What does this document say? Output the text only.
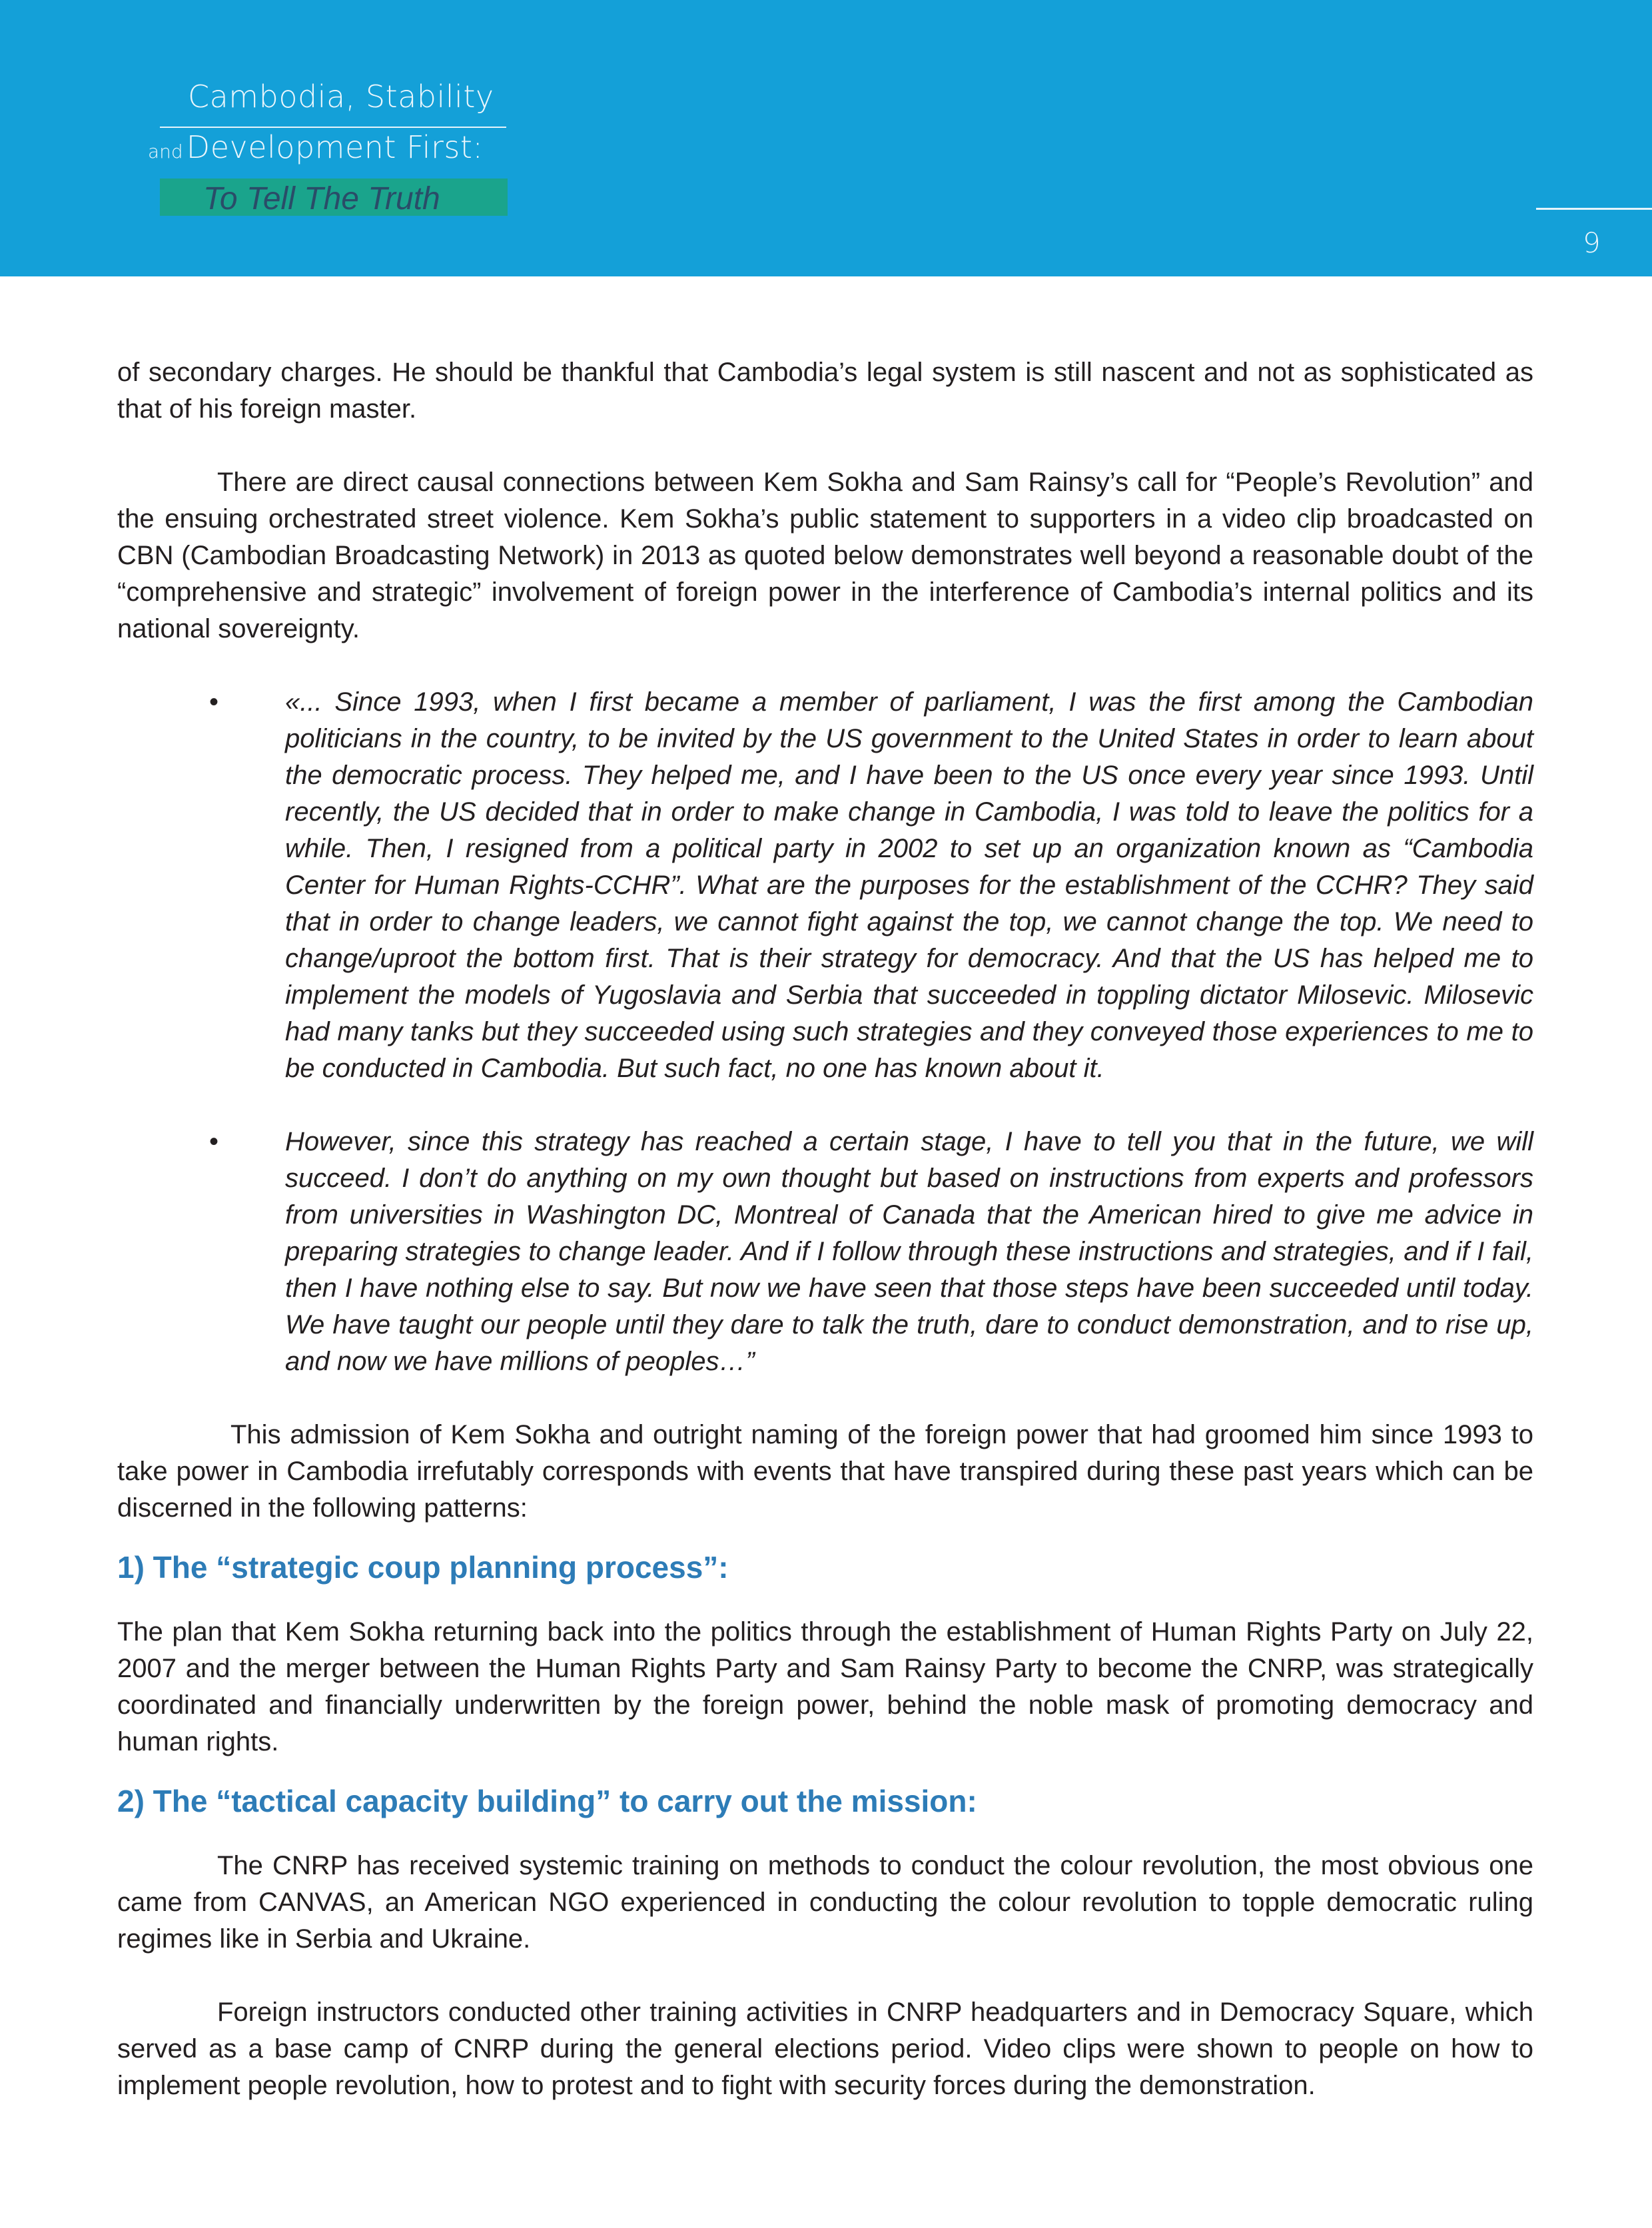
Cambodia, Stability
and Development First:
To Tell The Truth
9

of secondary charges. He should be thankful that Cambodia’s legal system is still nascent and not as sophisticated as that of his foreign master.

There are direct causal connections between Kem Sokha and Sam Rainsy’s call for “People’s Revolution” and the ensuing orchestrated street violence. Kem Sokha’s public statement to supporters in a video clip broadcasted on CBN (Cambodian Broadcasting Network) in 2013 as quoted below demonstrates well beyond a reasonable doubt of the “comprehensive and strategic” involvement of foreign power in the interference of Cambodia’s internal politics and its national sovereignty.

• «... Since 1993, when I first became a member of parliament, I was the first among the Cambodian politicians in the country, to be invited by the US government to the United States in order to learn about the democratic process. They helped me, and I have been to the US once every year since 1993. Until recently, the US decided that in order to make change in Cambodia, I was told to leave the politics for a while. Then, I resigned from a political party in 2002 to set up an organization known as “Cambodia Center for Human Rights-CCHR”. What are the purposes for the establishment of the CCHR? They said that in order to change leaders, we cannot fight against the top, we cannot change the top. We need to change/uproot the bottom first. That is their strategy for democracy. And that the US has helped me to implement the models of Yugoslavia and Serbia that succeeded in toppling dictator Milosevic. Milosevic had many tanks but they succeeded using such strategies and they conveyed those experiences to me to be conducted in Cambodia. But such fact, no one has known about it.
• However, since this strategy has reached a certain stage, I have to tell you that in the future, we will succeed. I don’t do anything on my own thought but based on instructions from experts and professors from universities in Washington DC, Montreal of Canada that the American hired to give me advice in preparing strategies to change leader. And if I follow through these instructions and strategies, and if I fail, then I have nothing else to say. But now we have seen that those steps have been succeeded until today. We have taught our people until they dare to talk the truth, dare to conduct demonstration, and to rise up, and now we have millions of peoples…”

This admission of Kem Sokha and outright naming of the foreign power that had groomed him since 1993 to take power in Cambodia irrefutably corresponds with events that have transpired during these past years which can be discerned in the following patterns:

1) The “strategic coup planning process”:

The plan that Kem Sokha returning back into the politics through the establishment of Human Rights Party on July 22, 2007 and the merger between the Human Rights Party and Sam Rainsy Party to become the CNRP, was strategically coordinated and financially underwritten by the foreign power, behind the noble mask of promoting democracy and human rights.

2) The “tactical capacity building” to carry out the mission:

The CNRP has received systemic training on methods to conduct the colour revolution, the most obvious one came from CANVAS, an American NGO experienced in conducting the colour revolution to topple democratic ruling regimes like in Serbia and Ukraine.

Foreign instructors conducted other training activities in CNRP headquarters and in Democracy Square, which served as a base camp of CNRP during the general elections period. Video clips were shown to people on how to implement people revolution, how to protest and to fight with security forces during the demonstration.
